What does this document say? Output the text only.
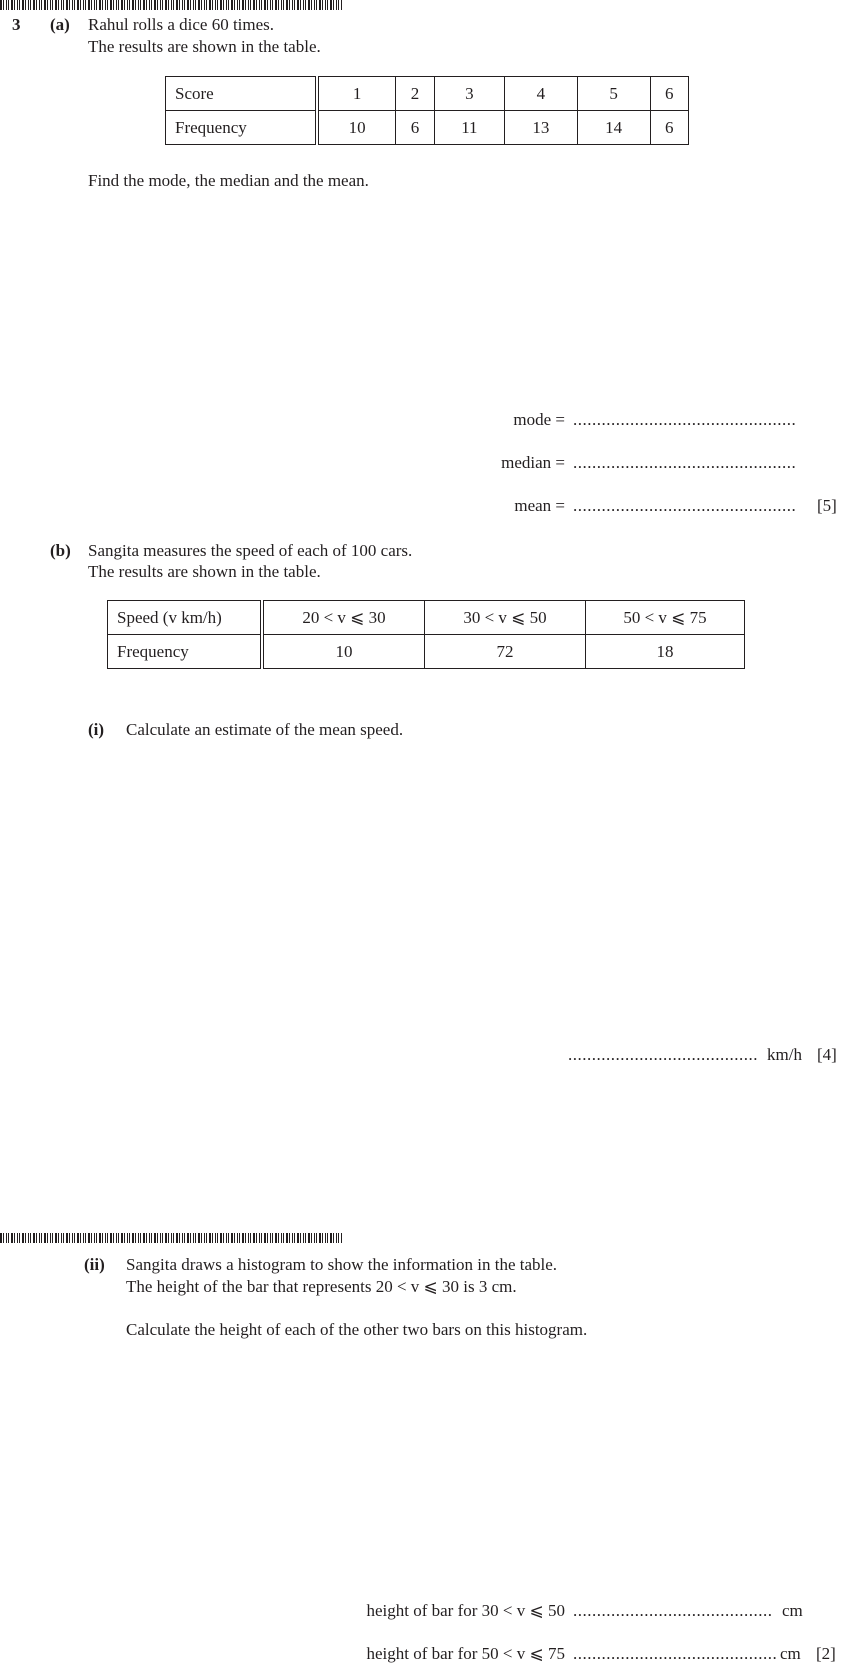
3 (a) Rahul rolls a dice 60 times.
The results are shown in the table.
Score	1	2	3	4	5	6
Frequency	10	6	11	13	14	6
Find the mode, the median and the mean.
mode = ...............................................
median = ...............................................
mean = ............................................... [5]
(b) Sangita measures the speed of each of 100 cars.
The results are shown in the table.
Speed (v km/h)	20 < v ⩽ 30	30 < v ⩽ 50	50 < v ⩽ 75
Frequency	10	72	18
(i) Calculate an estimate of the mean speed.
........................................ km/h [4]
(ii) Sangita draws a histogram to show the information in the table.
The height of the bar that represents 20 < v ⩽ 30 is 3 cm.
Calculate the height of each of the other two bars on this histogram.
height of bar for 30 < v ⩽ 50 .......................................... cm
height of bar for 50 < v ⩽ 75 ........................................... cm [2]
